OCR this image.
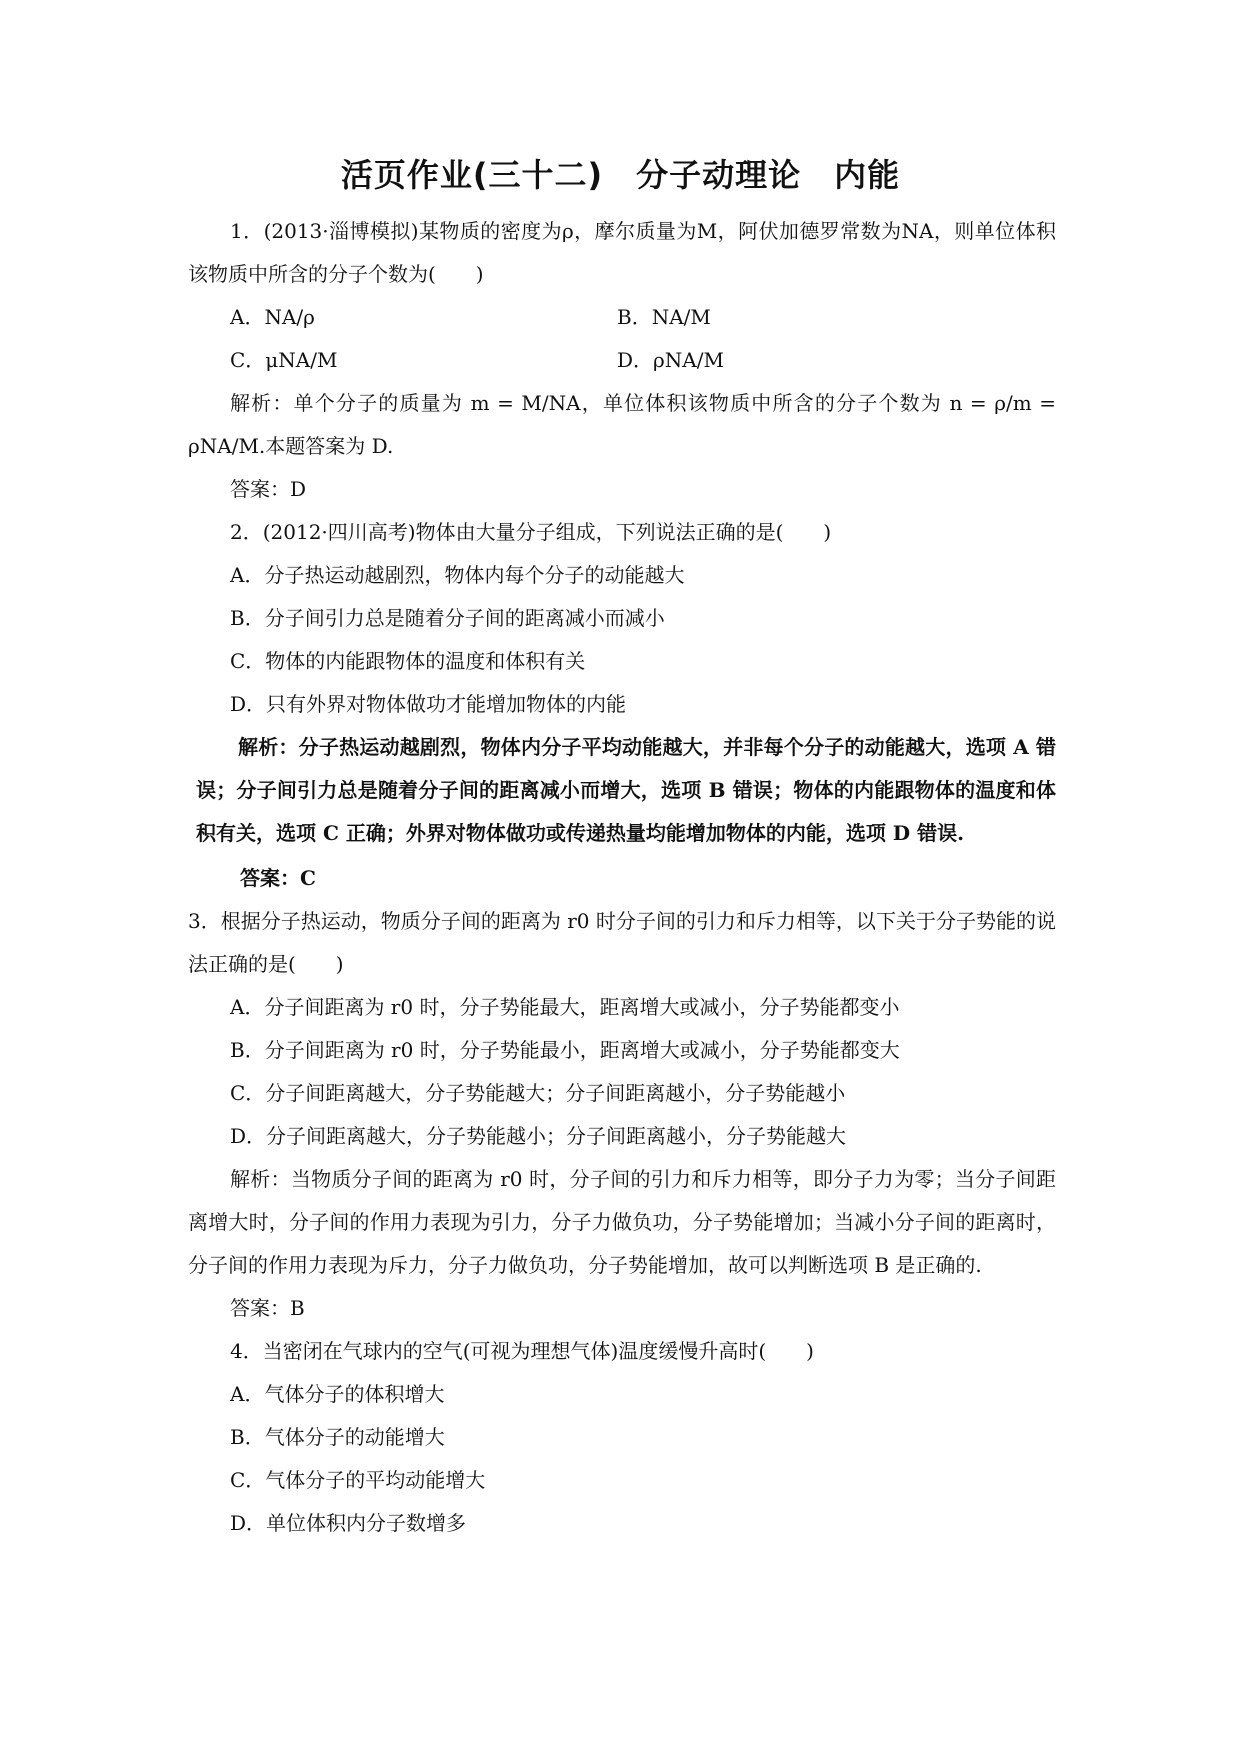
活页作业(三十二)　分子动理论　内能

1．(2013·淄博模拟)某物质的密度为ρ，摩尔质量为M，阿伏加德罗常数为NA，则单位体积该物质中所含的分子个数为(　　)

A．NA/ρ	B．NA/M
C．μNA/M	D．ρNA/M

解析：单个分子的质量为 m = M/NA，单位体积该物质中所含的分子个数为 n = ρ/m = ρNA/M.本题答案为 D.

答案：D

2．(2012·四川高考)物体由大量分子组成，下列说法正确的是(　　)

A．分子热运动越剧烈，物体内每个分子的动能越大

B．分子间引力总是随着分子间的距离减小而减小

C．物体的内能跟物体的温度和体积有关

D．只有外界对物体做功才能增加物体的内能

解析：分子热运动越剧烈，物体内分子平均动能越大，并非每个分子的动能越大，选项 A 错误；分子间引力总是随着分子间的距离减小而增大，选项 B 错误；物体的内能跟物体的温度和体积有关，选项 C 正确；外界对物体做功或传递热量均能增加物体的内能，选项 D 错误.

答案：C

3．根据分子热运动，物质分子间的距离为 r0 时分子间的引力和斥力相等，以下关于分子势能的说法正确的是(　　)

A．分子间距离为 r0 时，分子势能最大，距离增大或减小，分子势能都变小

B．分子间距离为 r0 时，分子势能最小，距离增大或减小，分子势能都变大

C．分子间距离越大，分子势能越大；分子间距离越小，分子势能越小

D．分子间距离越大，分子势能越小；分子间距离越小，分子势能越大

解析：当物质分子间的距离为 r0 时，分子间的引力和斥力相等，即分子力为零；当分子间距离增大时，分子间的作用力表现为引力，分子力做负功，分子势能增加；当减小分子间的距离时，分子间的作用力表现为斥力，分子力做负功，分子势能增加，故可以判断选项 B 是正确的.

答案：B

4．当密闭在气球内的空气(可视为理想气体)温度缓慢升高时(　　)

A．气体分子的体积增大

B．气体分子的动能增大

C．气体分子的平均动能增大

D．单位体积内分子数增多
